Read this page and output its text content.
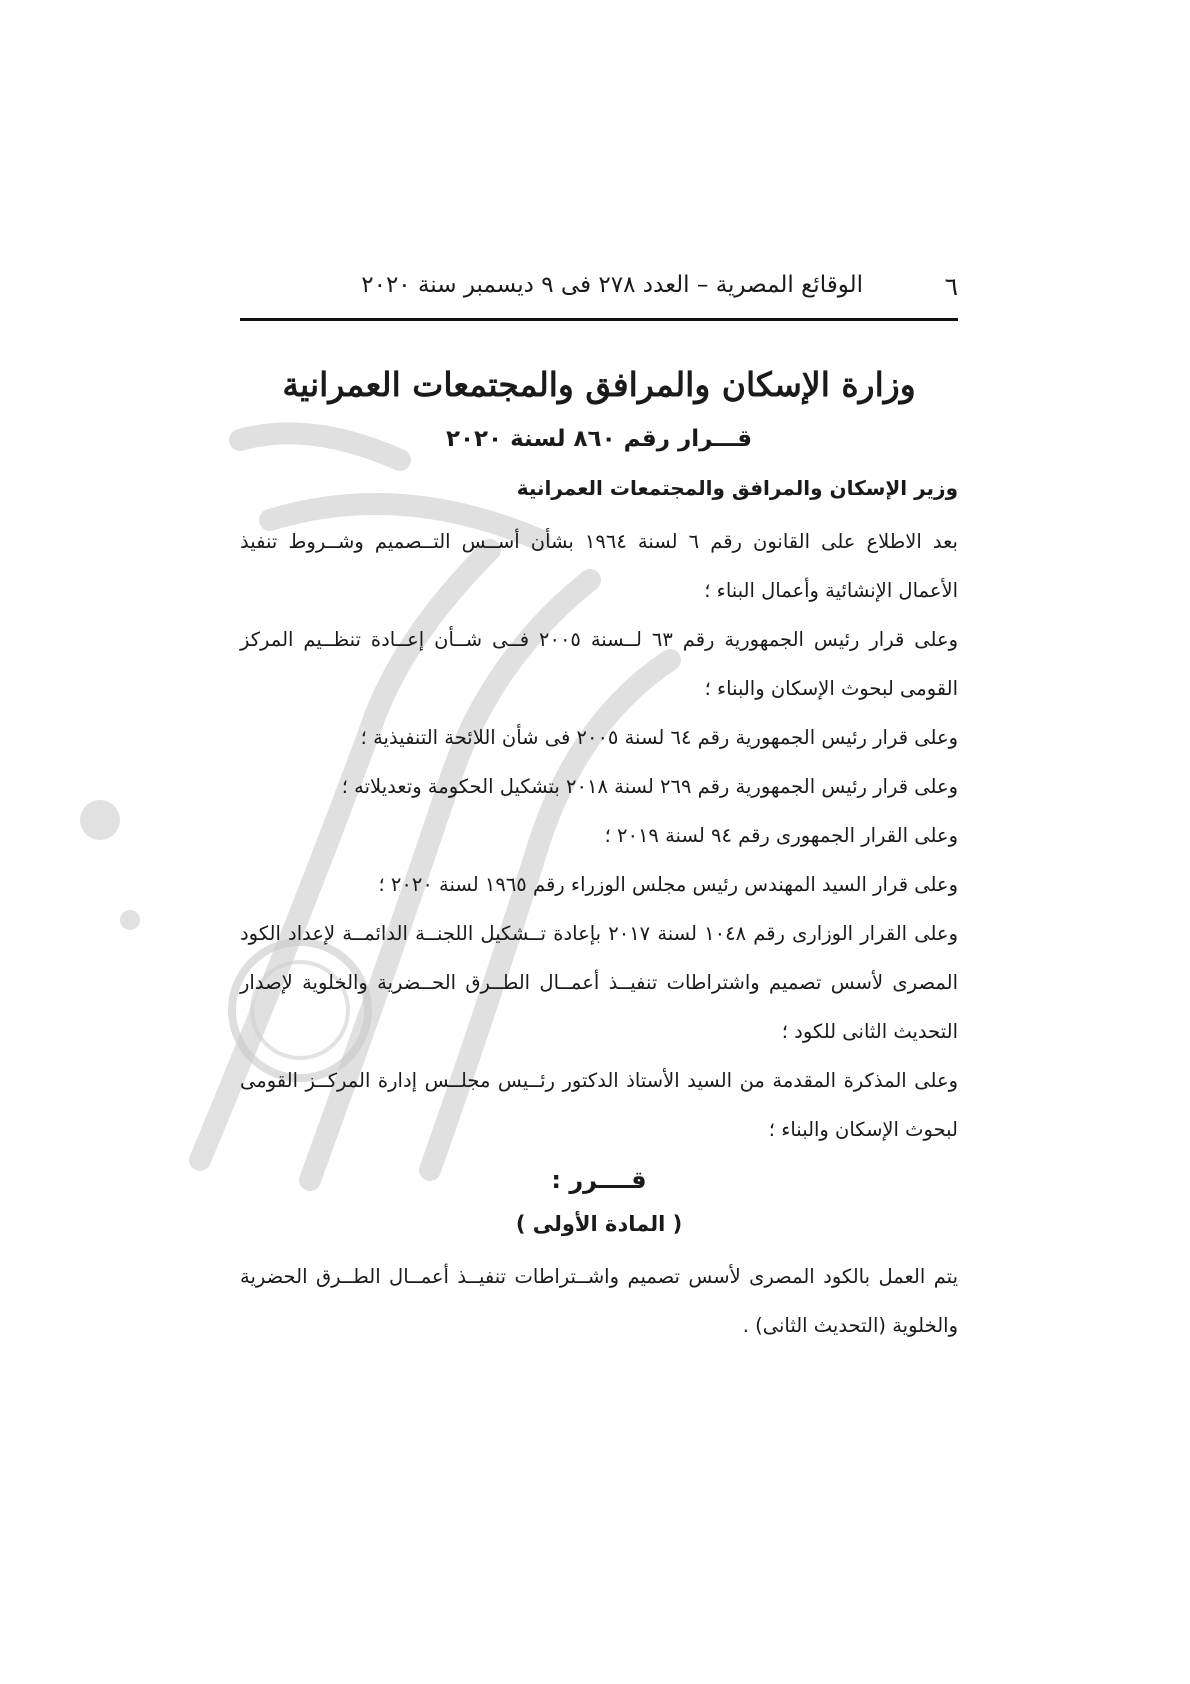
٦
الوقائع المصرية – العدد ٢٧٨ فى ٩ ديسمبر سنة ٢٠٢٠
وزارة الإسكان والمرافق والمجتمعات العمرانية
قـــرار رقم ٨٦٠ لسنة ٢٠٢٠
وزير الإسكان والمرافق والمجتمعات العمرانية

بعد الاطلاع على القانون رقم ٦ لسنة ١٩٦٤ بشأن أســس التــصميم وشــروط تنفيذ الأعمال الإنشائية وأعمال البناء ؛

وعلى قرار رئيس الجمهورية رقم ٦٣ لــسنة ٢٠٠٥ فــى شــأن إعــادة تنظــيم المركز القومى لبحوث الإسكان والبناء ؛

وعلى قرار رئيس الجمهورية رقم ٦٤ لسنة ٢٠٠٥ فى شأن اللائحة التنفيذية ؛

وعلى قرار رئيس الجمهورية رقم ٢٦٩ لسنة ٢٠١٨ بتشكيل الحكومة وتعديلاته ؛

وعلى القرار الجمهورى رقم ٩٤ لسنة ٢٠١٩ ؛

وعلى قرار السيد المهندس رئيس مجلس الوزراء رقم ١٩٦٥ لسنة ٢٠٢٠ ؛

وعلى القرار الوزارى رقم ١٠٤٨ لسنة ٢٠١٧ بإعادة تــشكيل اللجنــة الدائمــة لإعداد الكود المصرى لأسس تصميم واشتراطات تنفيــذ أعمــال الطــرق الحــضرية والخلوية لإصدار التحديث الثانى للكود ؛

وعلى المذكرة المقدمة من السيد الأستاذ الدكتور رئــيس مجلــس إدارة المركــز القومى لبحوث الإسكان والبناء ؛

قــــرر :
( المادة الأولى )

يتم العمل بالكود المصرى لأسس تصميم واشــتراطات تنفيــذ أعمــال الطــرق الحضرية والخلوية (التحديث الثانى) .
